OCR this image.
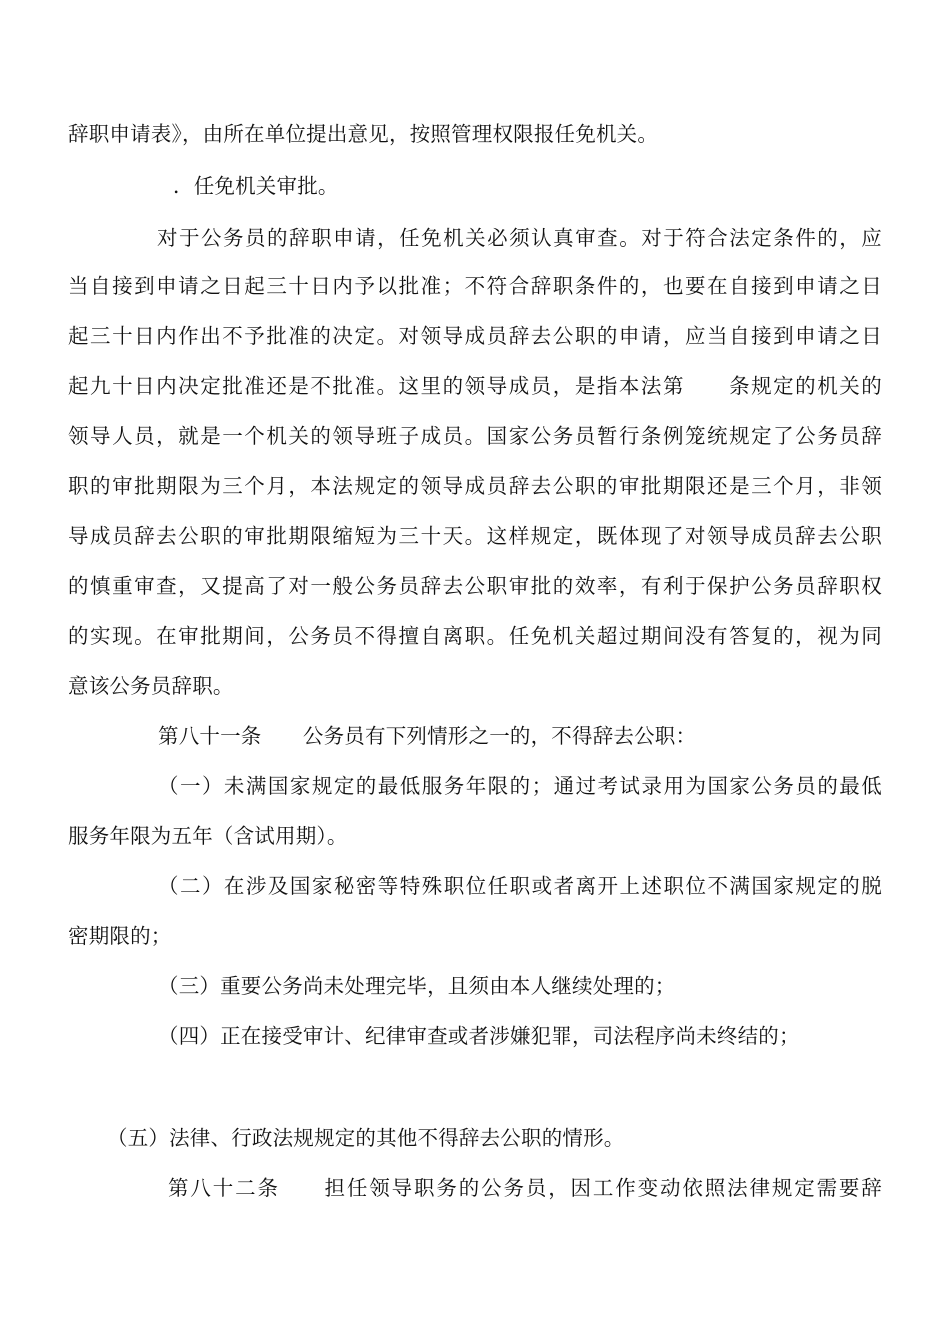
辞职申请表》，由所在单位提出意见，按照管理权限报任免机关。
．任免机关审批。
对于公务员的辞职申请，任免机关必须认真审查。对于符合法定条件的，应
当自接到申请之日起三十日内予以批准；不符合辞职条件的，也要在自接到申请之日
起三十日内作出不予批准的决定。对领导成员辞去公职的申请，应当自接到申请之日
起九十日内决定批准还是不批准。这里的领导成员，是指本法第　　条规定的机关的
领导人员，就是一个机关的领导班子成员。国家公务员暂行条例笼统规定了公务员辞
职的审批期限为三个月，本法规定的领导成员辞去公职的审批期限还是三个月，非领
导成员辞去公职的审批期限缩短为三十天。这样规定，既体现了对领导成员辞去公职
的慎重审查，又提高了对一般公务员辞去公职审批的效率，有利于保护公务员辞职权
的实现。在审批期间，公务员不得擅自离职。任免机关超过期间没有答复的，视为同
意该公务员辞职。
第八十一条　　公务员有下列情形之一的，不得辞去公职：
（一）未满国家规定的最低服务年限的；通过考试录用为国家公务员的最低
服务年限为五年（含试用期）。
（二）在涉及国家秘密等特殊职位任职或者离开上述职位不满国家规定的脱
密期限的；
（三）重要公务尚未处理完毕，且须由本人继续处理的；
（四）正在接受审计、纪律审查或者涉嫌犯罪，司法程序尚未终结的；
（五）法律、行政法规规定的其他不得辞去公职的情形。
第八十二条　　担任领导职务的公务员，因工作变动依照法律规定需要辞
